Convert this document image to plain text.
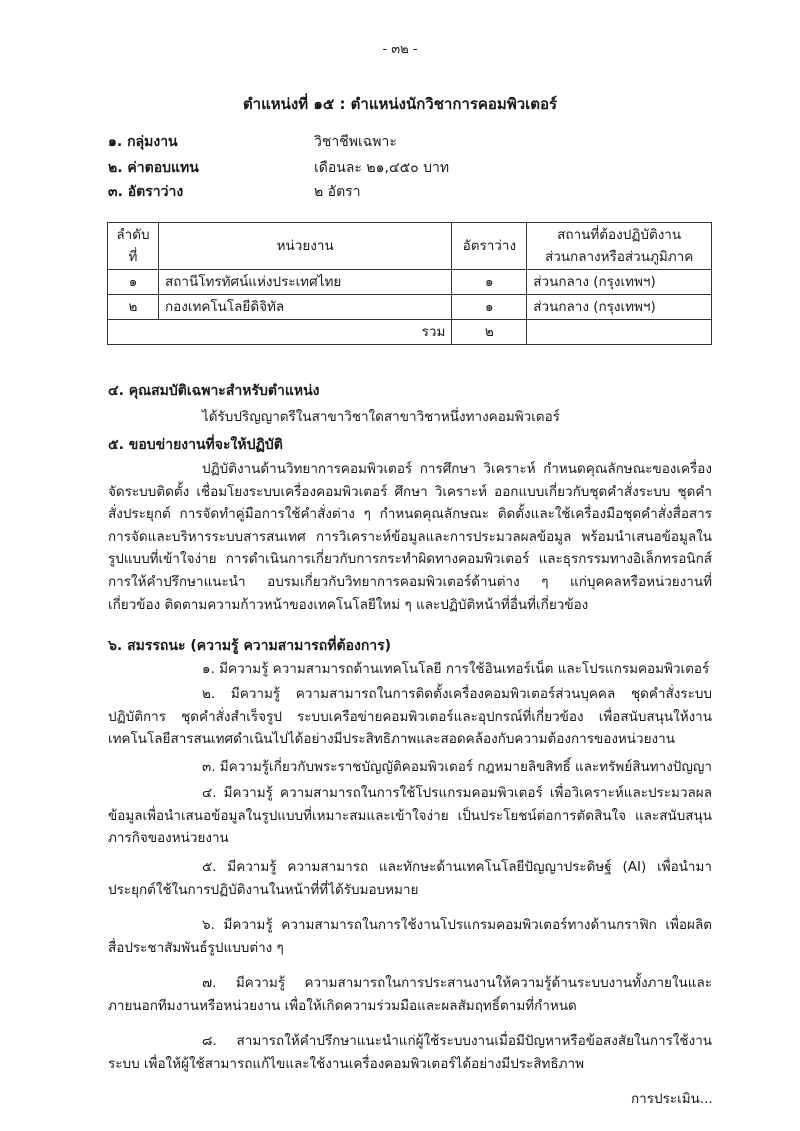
- ๓๒ -
ตำแหน่งที่ ๑๕ : ตำแหน่งนักวิชาการคอมพิวเตอร์
๑. กลุ่มงาน	วิชาชีพเฉพาะ
๒. ค่าตอบแทน	เดือนละ ๒๑,๔๕๐ บาท
๓. อัตราว่าง	๒ อัตรา
ลำดับ
ที่	หน่วยงาน	อัตราว่าง	สถานที่ต้องปฏิบัติงาน
ส่วนกลางหรือส่วนภูมิภาค
๑	สถานีโทรทัศน์แห่งประเทศไทย	๑	ส่วนกลาง (กรุงเทพฯ)
๒	กองเทคโนโลยีดิจิทัล	๑	ส่วนกลาง (กรุงเทพฯ)
รวม		๒	
๔. คุณสมบัติเฉพาะสำหรับตำแหน่ง
ได้รับปริญญาตรีในสาขาวิชาใดสาขาวิชาหนึ่งทางคอมพิวเตอร์
๕. ขอบข่ายงานที่จะให้ปฏิบัติ
ปฏิบัติงานด้านวิทยาการคอมพิวเตอร์ การศึกษา วิเคราะห์ กำหนดคุณลักษณะของเครื่อง จัดระบบติดตั้ง เชื่อมโยงระบบเครื่องคอมพิวเตอร์ ศึกษา วิเคราะห์ ออกแบบเกี่ยวกับชุดคำสั่งระบบ ชุดคำสั่งประยุกต์ การจัดทำคู่มือการใช้คำสั่งต่าง ๆ กำหนดคุณลักษณะ ติดตั้งและใช้เครื่องมือชุดคำสั่งสื่อสาร การจัดและบริหารระบบสารสนเทศ การวิเคราะห์ข้อมูลและการประมวลผลข้อมูล พร้อมนำเสนอข้อมูลในรูปแบบที่เข้าใจง่าย การดำเนินการเกี่ยวกับการกระทำผิดทางคอมพิวเตอร์ และธุรกรรมทางอิเล็กทรอนิกส์ การให้คำปรึกษาแนะนำ อบรมเกี่ยวกับวิทยาการคอมพิวเตอร์ด้านต่าง ๆ แก่บุคคลหรือหน่วยงานที่เกี่ยวข้อง ติดตามความก้าวหน้าของเทคโนโลยีใหม่ ๆ และปฏิบัติหน้าที่อื่นที่เกี่ยวข้อง
๖. สมรรถนะ (ความรู้ ความสามารถที่ต้องการ)
๑. มีความรู้ ความสามารถด้านเทคโนโลยี การใช้อินเทอร์เน็ต และโปรแกรมคอมพิวเตอร์
๒. มีความรู้ ความสามารถในการติดตั้งเครื่องคอมพิวเตอร์ส่วนบุคคล ชุดคำสั่งระบบปฏิบัติการ ชุดคำสั่งสำเร็จรูป ระบบเครือข่ายคอมพิวเตอร์และอุปกรณ์ที่เกี่ยวข้อง เพื่อสนับสนุนให้งานเทคโนโลยีสารสนเทศดำเนินไปได้อย่างมีประสิทธิภาพและสอดคล้องกับความต้องการของหน่วยงาน
๓. มีความรู้เกี่ยวกับพระราชบัญญัติคอมพิวเตอร์ กฎหมายลิขสิทธิ์ และทรัพย์สินทางปัญญา
๔. มีความรู้ ความสามารถในการใช้โปรแกรมคอมพิวเตอร์ เพื่อวิเคราะห์และประมวลผลข้อมูลเพื่อนำเสนอข้อมูลในรูปแบบที่เหมาะสมและเข้าใจง่าย เป็นประโยชน์ต่อการตัดสินใจ และสนับสนุนภารกิจของหน่วยงาน
๕. มีความรู้ ความสามารถ และทักษะด้านเทคโนโลยีปัญญาประดิษฐ์ (AI) เพื่อนำมาประยุกต์ใช้ในการปฏิบัติงานในหน้าที่ที่ได้รับมอบหมาย
๖. มีความรู้ ความสามารถในการใช้งานโปรแกรมคอมพิวเตอร์ทางด้านกราฟิก เพื่อผลิตสื่อประชาสัมพันธ์รูปแบบต่าง ๆ
๗. มีความรู้ ความสามารถในการประสานงานให้ความรู้ด้านระบบงานทั้งภายในและภายนอกทีมงานหรือหน่วยงาน เพื่อให้เกิดความร่วมมือและผลสัมฤทธิ์ตามที่กำหนด
๘. สามารถให้คำปรึกษาแนะนำแก่ผู้ใช้ระบบงานเมื่อมีปัญหาหรือข้อสงสัยในการใช้งานระบบ เพื่อให้ผู้ใช้สามารถแก้ไขและใช้งานเครื่องคอมพิวเตอร์ได้อย่างมีประสิทธิภาพ
การประเมิน...
